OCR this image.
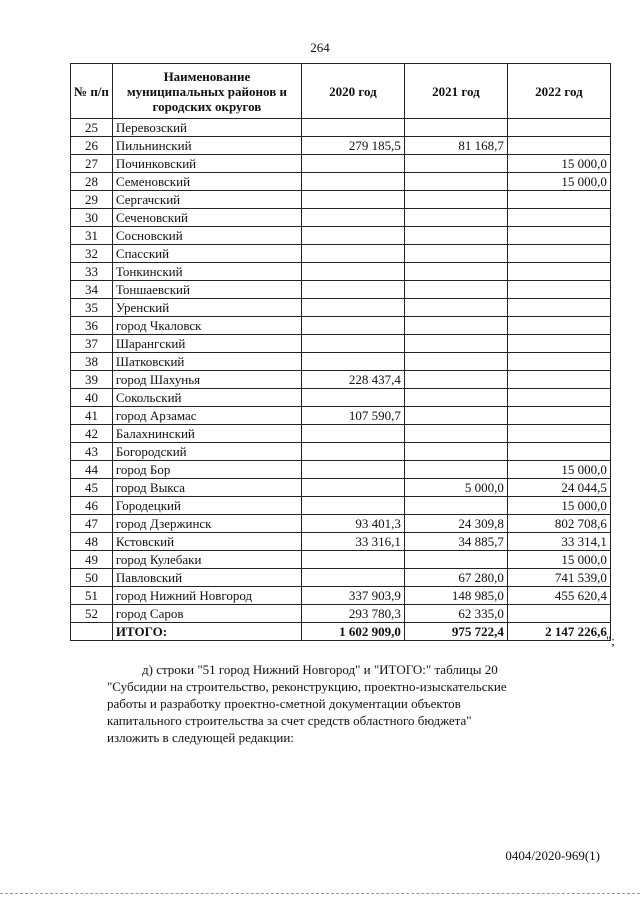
264
№ п/п	Наименование муниципальных районов и городских округов	2020 год	2021 год	2022 год
25	Перевозский			
26	Пильнинский	279 185,5	81 168,7	
27	Починковский			15 000,0
28	Семеновский			15 000,0
29	Сергачский			
30	Сеченовский			
31	Сосновский			
32	Спасский			
33	Тонкинский			
34	Тоншаевский			
35	Уренский			
36	город Чкаловск			
37	Шарангский			
38	Шатковский			
39	город Шахунья	228 437,4		
40	Сокольский			
41	город Арзамас	107 590,7		
42	Балахнинский			
43	Богородский			
44	город Бор			15 000,0
45	город Выкса		5 000,0	24 044,5
46	Городецкий			15 000,0
47	город Дзержинск	93 401,3	24 309,8	802 708,6
48	Кстовский	33 316,1	34 885,7	33 314,1
49	город Кулебаки			15 000,0
50	Павловский		67 280,0	741 539,0
51	город Нижний Новгород	337 903,9	148 985,0	455 620,4
52	город Саров	293 780,3	62 335,0	
	ИТОГО:	1 602 909,0	975 722,4	2 147 226,6
";
д) строки "51 город Нижний Новгород" и "ИТОГО:" таблицы 20
"Субсидии на строительство, реконструкцию, проектно-изыскательские
работы и разработку проектно-сметной документации объектов
капитального строительства за счет средств областного бюджета"
изложить в следующей редакции:
0404/2020-969(1)
